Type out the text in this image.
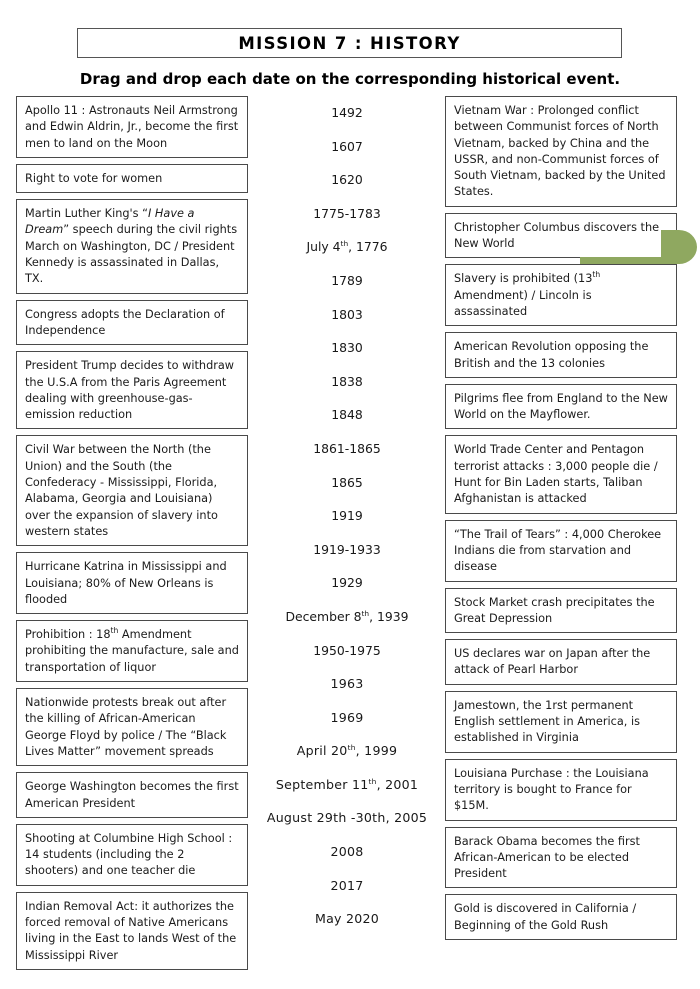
MISSION 7 : HISTORY
Drag and drop each date on the corresponding historical event.
Apollo 11 : Astronauts Neil Armstrong and Edwin Aldrin, Jr., become the first men to land on the Moon
Right to vote for women
Martin Luther King's “I Have a Dream” speech during the civil rights March on Washington, DC / President Kennedy is assassinated in Dallas, TX.
Congress adopts the Declaration of Independence
President Trump decides to withdraw the U.S.A from the Paris Agreement dealing with greenhouse-gas-emission reduction
Civil War between the North (the Union) and the South (the Confederacy - Mississippi, Florida, Alabama, Georgia and Louisiana) over the expansion of slavery into western states
Hurricane Katrina in Mississippi and Louisiana; 80% of New Orleans is flooded
Prohibition : 18th Amendment prohibiting the manufacture, sale and transportation of liquor
Nationwide protests break out after the killing of African-American George Floyd by police / The “Black Lives Matter” movement spreads
George Washington becomes the first American President
Shooting at Columbine High School : 14 students (including the 2 shooters) and one teacher die
Indian Removal Act: it authorizes the forced removal of Native Americans living in the East to lands West of the Mississippi River
1492
1607
1620
1775-1783
July 4th, 1776
1789
1803
1830
1838
1848
1861-1865
1865
1919
1919-1933
1929
December 8th, 1939
1950-1975
1963
1969
April 20th, 1999
September 11th, 2001
August 29th -30th, 2005
2008
2017
May 2020
Vietnam War : Prolonged conflict between Communist forces of North Vietnam, backed by China and the USSR, and non-Communist forces of South Vietnam, backed by the United States.
Christopher Columbus discovers the New World
Slavery is prohibited (13th Amendment) / Lincoln is assassinated
American Revolution opposing the British and the 13 colonies
Pilgrims flee from England to the New World on the Mayflower.
World Trade Center and Pentagon terrorist attacks : 3,000 people die / Hunt for Bin Laden starts, Taliban Afghanistan is attacked
“The Trail of Tears” : 4,000 Cherokee Indians die from starvation and disease
Stock Market crash precipitates the Great Depression
US declares war on Japan after the attack of Pearl Harbor
Jamestown, the 1rst permanent English settlement in America, is established in Virginia
Louisiana Purchase : the Louisiana territory is bought to France for $15M.
Barack Obama becomes the first African-American to be elected President
Gold is discovered in California / Beginning of the Gold Rush
